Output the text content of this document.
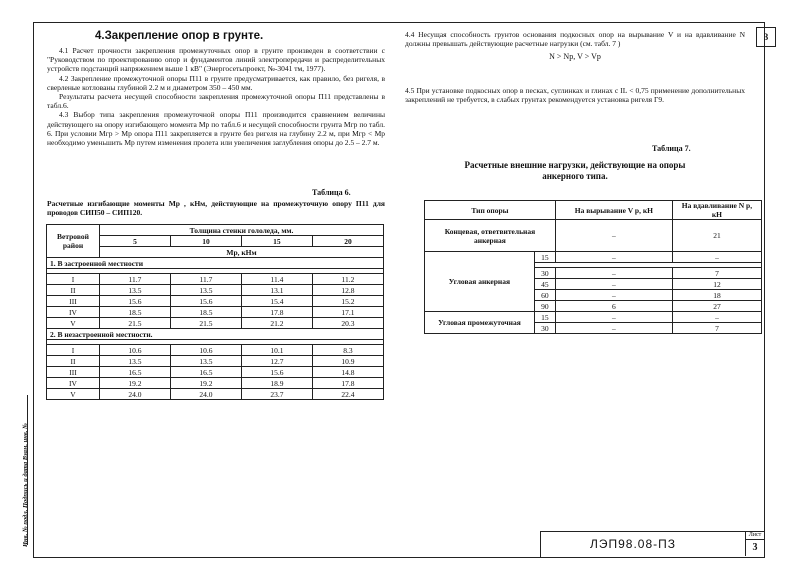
3
4.Закрепление опор в грунте.

4.1 Расчет прочности закрепления промежуточных опор в грунте произведен в соответствии с "Руководством по проектированию опор и фундаментов линий электропередачи и распределительных устройств подстанций напряжением выше 1 кВ" (Энергосетьпроект, №-3041 тм, 1977).

4.2 Закрепление промежуточной опоры П11 в грунте предусматривается, как правило, без ригеля, в сверленые котлованы глубиной 2.2 м и диаметром 350 – 450 мм.

Результаты расчета несущей способности закрепления промежуточной опоры П11 представлены в табл.6.

4.3 Выбор типа закрепления промежуточной опоры П11 производится сравнением величины действующего на опору изгибающего момента Мр по табл.6 и несущей способности грунта Мгр по табл. 6. При условии Мгр > Мр опора П11 закрепляется в грунте без ригеля на глубину 2.2 м, при Мгр < Мр необходимо уменьшить Мр путем изменения пролета или увеличения заглубления опоры до 2.5 – 2.7 м.

Таблица 6.
Расчетные изгибающие моменты Мр , кНм, действующие на промежуточную опору П11 для проводов СИП50 – СИП120.
Ветровой район	Толщина стенки гололеда, мм.			
	5	10	15	20
	Мр, кНм			
1. В застроенной местности				

I	11.7	11.7	11.4	11.2
II	13.5	13.5	13.1	12.8
III	15.6	15.6	15.4	15.2
IV	18.5	18.5	17.8	17.1
V	21.5	21.5	21.2	20.3
2. В незастроенной местности.				

I	10.6	10.6	10.1	8.3
II	13.5	13.5	12.7	10.9
III	16.5	16.5	15.6	14.8
IV	19.2	19.2	18.9	17.8
V	24.0	24.0	23.7	22.4

4.4 Несущая способность грунтов основания подкосных опор на вырывание V и на вдавливание N должны превышать действующие расчетные нагрузки (см. табл. 7 )

N > Np, V > Vp

4.5 При установке подкосных опор в песках, суглинках и глинах с IL < 0,75 применение дополнительных закреплений не требуется, в слабых грунтах рекомендуется установка ригеля Г9.

Таблица 7.
Расчетные внешние нагрузки, действующие на опоры анкерного типа.
Тип опоры		На вырывание V р, кН	На вдавливание N р, кН
Концевая, ответвительная анкерная		–	21
Угловая анкерная	15	–	–

	30	–	7
	45	–	12
	60	–	18
	90	6	27
Угловая промежуточная	15	–	–
	30	–	7
ЛЭП98.08-ПЗ
Лист
3
Инв. № подл. Подпись и дата Взам. инв. №
